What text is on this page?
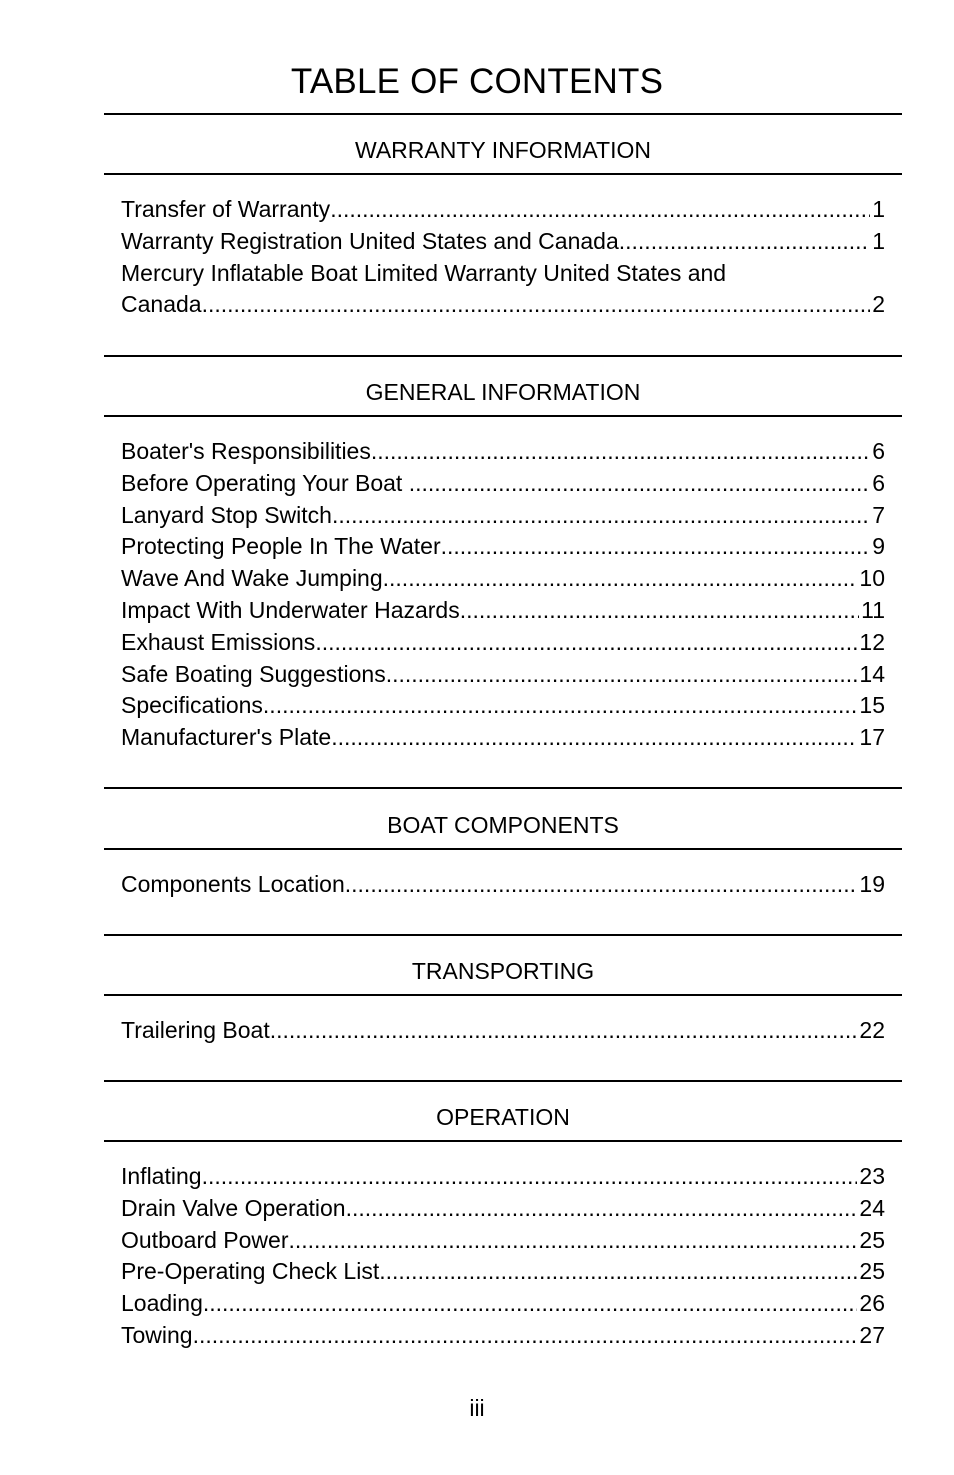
TABLE OF CONTENTS
WARRANTY INFORMATION
Transfer of Warranty .....	1
Warranty Registration United States and Canada .....	1
Mercury Inflatable Boat Limited Warranty United States and
Canada .....	2
GENERAL INFORMATION
Boater's Responsibilities .....	6
Before Operating Your Boat .....	6
Lanyard Stop Switch .....	7
Protecting People In The Water .....	9
Wave And Wake Jumping .....	10
Impact With Underwater Hazards .....	11
Exhaust Emissions .....	12
Safe Boating Suggestions .....	14
Specifications .....	15
Manufacturer's Plate .....	17
BOAT COMPONENTS
Components Location .....	19
TRANSPORTING
Trailering Boat .....	22
OPERATION
Inflating .....	23
Drain Valve Operation .....	24
Outboard Power .....	25
Pre-Operating Check List .....	25
Loading .....	26
Towing .....	27
iii
